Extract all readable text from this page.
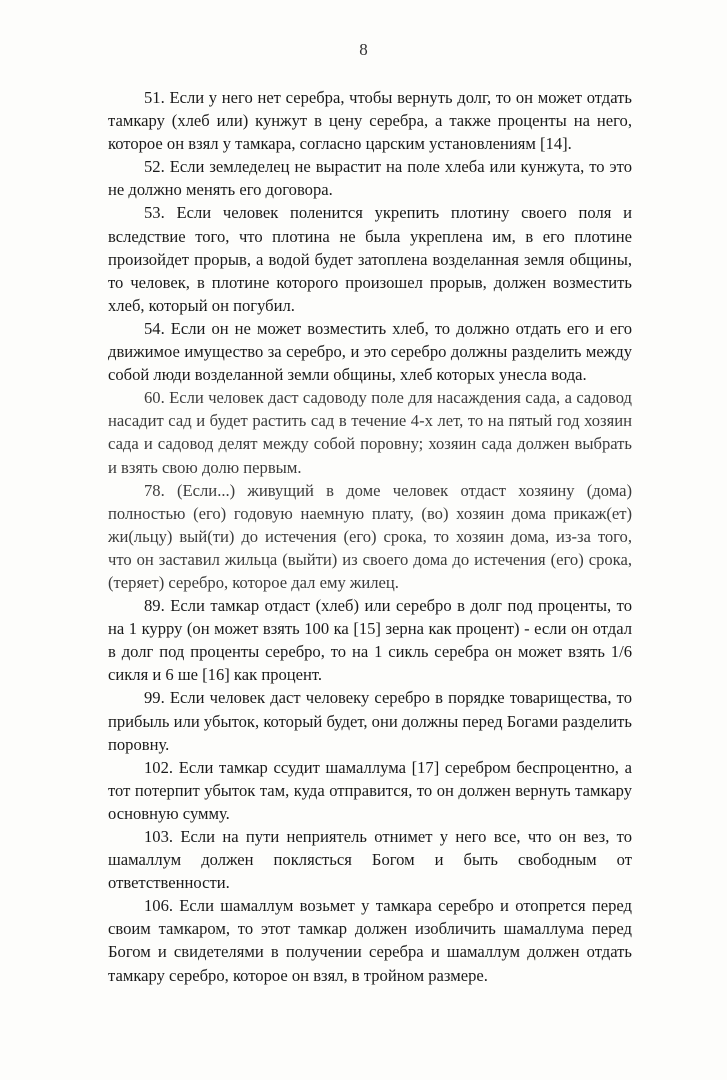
8

51. Если у него нет серебра, чтобы вернуть долг, то он может отдать тамкару (хлеб или) кунжут в цену серебра, а также проценты на него, которое он взял у тамкара, согласно царским установлениям [14].

52. Если земледелец не вырастит на поле хлеба или кунжута, то это не должно менять его договора.

53. Если человек поленится укрепить плотину своего поля и вследствие того, что плотина не была укреплена им, в его плотине произойдет прорыв, а водой будет затоплена возделанная земля общины, то человек, в плотине которого произошел прорыв, должен возместить хлеб, который он погубил.

54. Если он не может возместить хлеб, то должно отдать его и его движимое имущество за серебро, и это серебро должны разделить между собой люди возделанной земли общины, хлеб которых унесла вода.

60. Если человек даст садоводу поле для насаждения сада, а садовод насадит сад и будет растить сад в течение 4-х лет, то на пятый год хозяин сада и садовод делят между собой поровну; хозяин сада должен выбрать и взять свою долю первым.

78. (Если...) живущий в доме человек отдаст хозяину (дома) полностью (его) годовую наемную плату, (во) хозяин дома прикаж(ет) жи(льцу) вый(ти) до истечения (его) срока, то хозяин дома, из-за того, что он заставил жильца (выйти) из своего дома до истечения (его) срока, (теряет) серебро, которое дал ему жилец.

89. Если тамкар отдаст (хлеб) или серебро в долг под проценты, то на 1 курру (он может взять 100 ка [15] зерна как процент) - если он отдал в долг под проценты серебро, то на 1 сикль серебра он может взять 1/6 сикля и 6 ше [16] как процент.

99. Если человек даст человеку серебро в порядке товарищества, то прибыль или убыток, который будет, они должны перед Богами разделить поровну.

102. Если тамкар ссудит шамаллума [17] серебром беспроцентно, а тот потерпит убыток там, куда отправится, то он должен вернуть тамкару основную сумму.

103. Если на пути неприятель отнимет у него все, что он вез, то шамаллум должен поклясться Богом и быть свободным от ответственности.

106. Если шамаллум возьмет у тамкара серебро и отопрется перед своим тамкаром, то этот тамкар должен изобличить шамаллума перед Богом и свидетелями в получении серебра и шамаллум должен отдать тамкару серебро, которое он взял, в тройном размере.
